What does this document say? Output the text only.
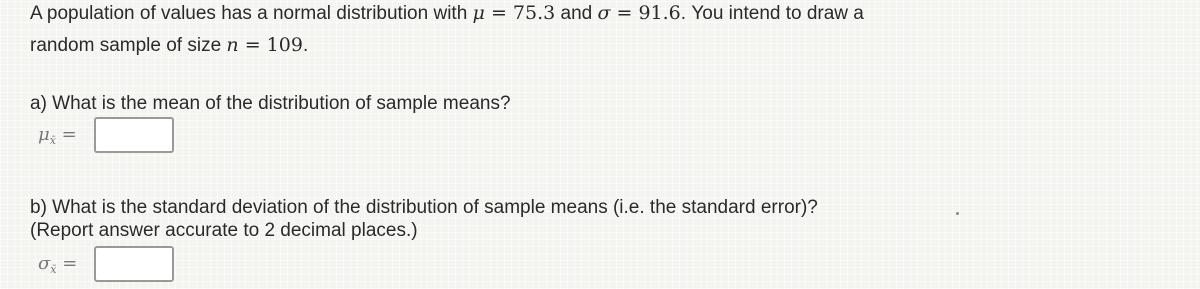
A population of values has a normal distribution with μ = 75.3 and σ = 91.6. You intend to draw a
random sample of size n = 109.
a) What is the mean of the distribution of sample means?
$\mu_{x̄}$ =
b) What is the standard deviation of the distribution of sample means (i.e. the standard error)?
(Report answer accurate to 2 decimal places.)
$\sigma_{x̄}$ =
